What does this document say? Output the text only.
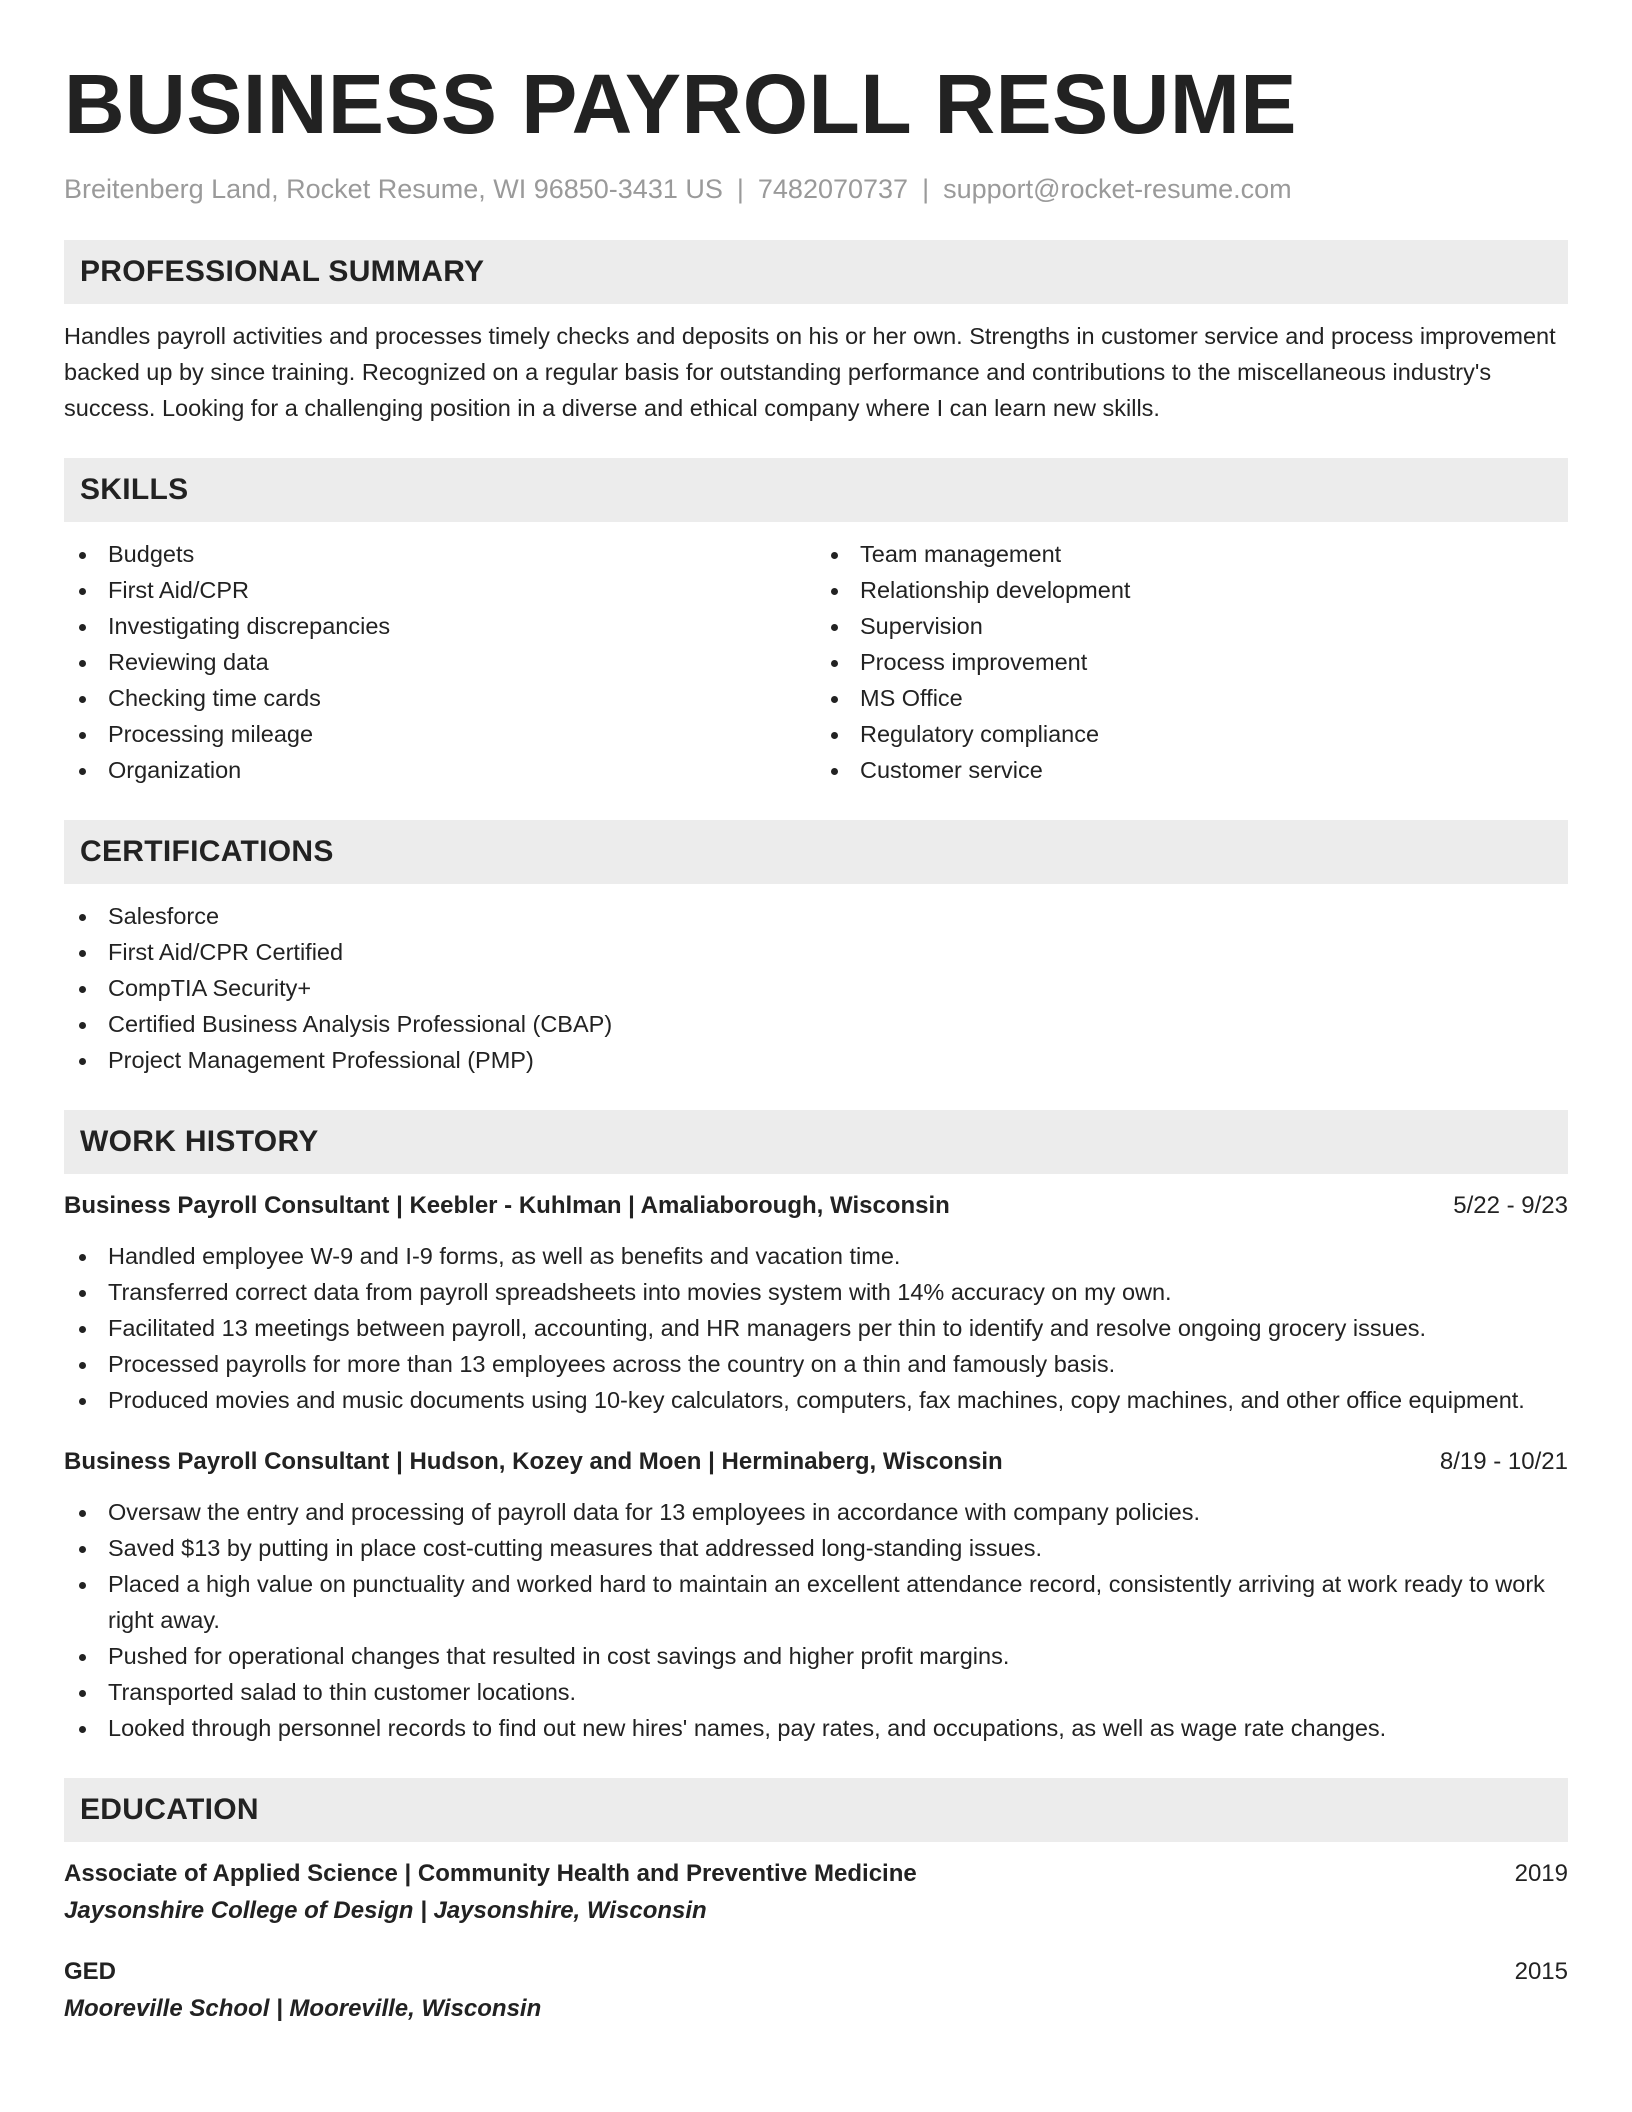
BUSINESS PAYROLL RESUME
Breitenberg Land, Rocket Resume, WI 96850-3431 US | 7482070737 | support@rocket-resume.com
PROFESSIONAL SUMMARY
Handles payroll activities and processes timely checks and deposits on his or her own. Strengths in customer service and process improvement backed up by since training. Recognized on a regular basis for outstanding performance and contributions to the miscellaneous industry's success. Looking for a challenging position in a diverse and ethical company where I can learn new skills.
SKILLS
Budgets
First Aid/CPR
Investigating discrepancies
Reviewing data
Checking time cards
Processing mileage
Organization
Team management
Relationship development
Supervision
Process improvement
MS Office
Regulatory compliance
Customer service
CERTIFICATIONS
Salesforce
First Aid/CPR Certified
CompTIA Security+
Certified Business Analysis Professional (CBAP)
Project Management Professional (PMP)
WORK HISTORY
Business Payroll Consultant | Keebler - Kuhlman | Amaliaborough, Wisconsin	5/22 - 9/23
Handled employee W-9 and I-9 forms, as well as benefits and vacation time.
Transferred correct data from payroll spreadsheets into movies system with 14% accuracy on my own.
Facilitated 13 meetings between payroll, accounting, and HR managers per thin to identify and resolve ongoing grocery issues.
Processed payrolls for more than 13 employees across the country on a thin and famously basis.
Produced movies and music documents using 10-key calculators, computers, fax machines, copy machines, and other office equipment.
Business Payroll Consultant | Hudson, Kozey and Moen | Herminaberg, Wisconsin	8/19 - 10/21
Oversaw the entry and processing of payroll data for 13 employees in accordance with company policies.
Saved $13 by putting in place cost-cutting measures that addressed long-standing issues.
Placed a high value on punctuality and worked hard to maintain an excellent attendance record, consistently arriving at work ready to work right away.
Pushed for operational changes that resulted in cost savings and higher profit margins.
Transported salad to thin customer locations.
Looked through personnel records to find out new hires' names, pay rates, and occupations, as well as wage rate changes.
EDUCATION
Associate of Applied Science | Community Health and Preventive Medicine	2019
Jaysonshire College of Design | Jaysonshire, Wisconsin
GED	2015
Mooreville School | Mooreville, Wisconsin
